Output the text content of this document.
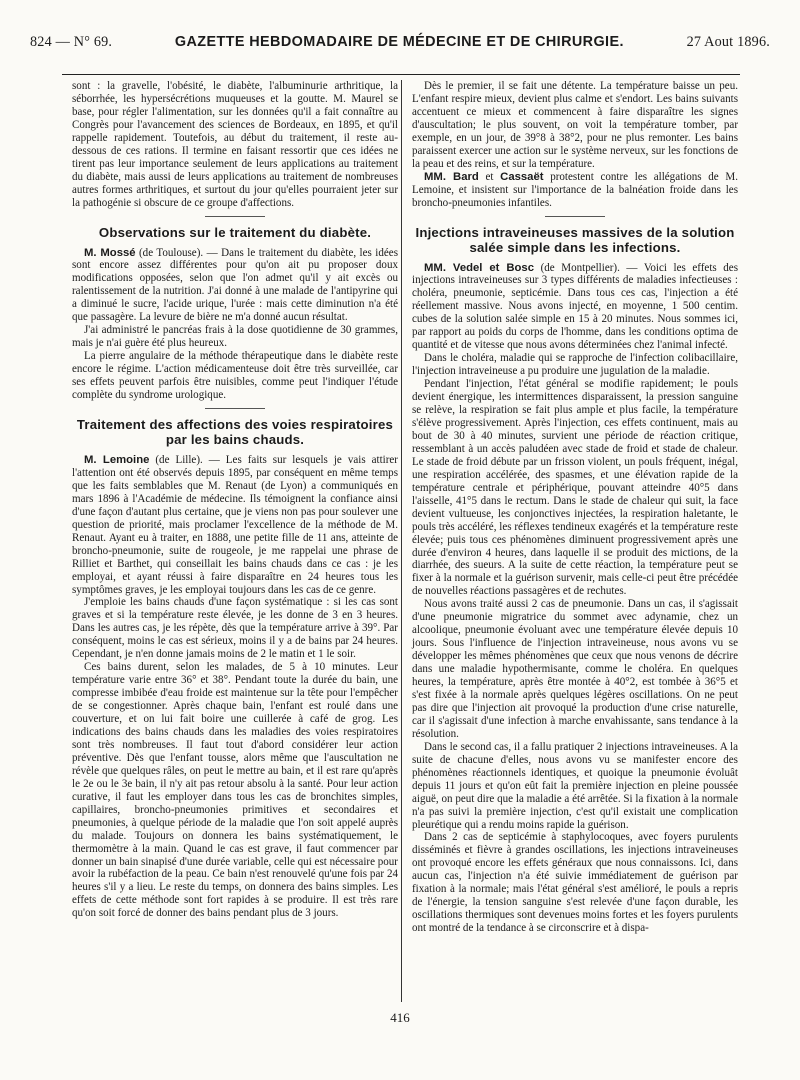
824 — N° 69.	GAZETTE HEBDOMADAIRE DE MÉDECINE ET DE CHIRURGIE.	27 Aout 1896.

sont : la gravelle, l'obésité, le diabète, l'albuminurie arthritique, la séborrhée, les hypersécrétions muqueuses et la goutte. M. Maurel se base, pour régler l'alimentation, sur les données qu'il a fait connaître au Congrès pour l'avancement des sciences de Bordeaux, en 1895, et qu'il rappelle rapidement. Toutefois, au début du traitement, il reste au-dessous de ces rations. Il termine en faisant ressortir que ces idées ne tirent pas leur importance seulement de leurs applications au traitement du diabète, mais aussi de leurs applications au traitement de nombreuses autres formes arthritiques, et surtout du jour qu'elles pourraient jeter sur la pathogénie si obscure de ce groupe d'affections.

Observations sur le traitement du diabète.

M. Mossé (de Toulouse). — Dans le traitement du diabète, les idées sont encore assez différentes pour qu'on ait pu proposer doux modifications opposées, selon que l'on admet qu'il y ait excès ou ralentissement de la nutrition. J'ai donné à une malade de l'antipyrine qui a diminué le sucre, l'acide urique, l'urée : mais cette diminution n'a été que passagère. La levure de bière ne m'a donné aucun résultat.

J'ai administré le pancréas frais à la dose quotidienne de 30 grammes, mais je n'ai guère été plus heureux.

La pierre angulaire de la méthode thérapeutique dans le diabète reste encore le régime. L'action médicamenteuse doit être très surveillée, car ses effets peuvent parfois être nuisibles, comme peut l'indiquer l'étude complète du syndrome urologique.

Traitement des affections des voies respiratoires par les bains chauds.

M. Lemoine (de Lille). — Les faits sur lesquels je vais attirer l'attention ont été observés depuis 1895, par conséquent en même temps que les faits semblables que M. Renaut (de Lyon) a communiqués en mars 1896 à l'Académie de médecine. Ils témoignent la confiance ainsi d'une façon d'autant plus certaine, que je viens non pas pour soulever une question de priorité, mais proclamer l'excellence de la méthode de M. Renaut. Ayant eu à traiter, en 1888, une petite fille de 11 ans, atteinte de broncho-pneumonie, suite de rougeole, je me rappelai une phrase de Rilliet et Barthet, qui conseillait les bains chauds dans ce cas : je les employai, et ayant réussi à faire disparaître en 24 heures tous les symptômes graves, je les employai toujours dans les cas de ce genre.

J'emploie les bains chauds d'une façon systématique : si les cas sont graves et si la température reste élevée, je les donne de 3 en 3 heures. Dans les autres cas, je les répète, dès que la température arrive à 39°. Par conséquent, moins le cas est sérieux, moins il y a de bains par 24 heures. Cependant, je n'en donne jamais moins de 2 le matin et 1 le soir.

Ces bains durent, selon les malades, de 5 à 10 minutes. Leur température varie entre 36° et 38°. Pendant toute la durée du bain, une compresse imbibée d'eau froide est maintenue sur la tête pour l'empêcher de se congestionner. Après chaque bain, l'enfant est roulé dans une couverture, et on lui fait boire une cuillerée à café de grog. Les indications des bains chauds dans les maladies des voies respiratoires sont très nombreuses. Il faut tout d'abord considérer leur action préventive. Dès que l'enfant tousse, alors même que l'auscultation ne révèle que quelques râles, on peut le mettre au bain, et il est rare qu'après le 2e ou le 3e bain, il n'y ait pas retour absolu à la santé. Pour leur action curative, il faut les employer dans tous les cas de bronchites simples, capillaires, broncho-pneumonies primitives et secondaires et pneumonies, à quelque période de la maladie que l'on soit appelé auprès du malade. Toujours on donnera les bains systématiquement, le thermomètre à la main. Quand le cas est grave, il faut commencer par donner un bain sinapisé d'une durée variable, celle qui est nécessaire pour avoir la rubéfaction de la peau. Ce bain n'est renouvelé qu'une fois par 24 heures s'il y a lieu. Le reste du temps, on donnera des bains simples. Les effets de cette méthode sont fort rapides à se produire. Il est très rare qu'on soit forcé de donner des bains pendant plus de 3 jours.

Dès le premier, il se fait une détente. La température baisse un peu. L'enfant respire mieux, devient plus calme et s'endort. Les bains suivants accentuent ce mieux et commencent à faire disparaître les signes d'auscultation; le plus souvent, on voit la température tomber, par exemple, en un jour, de 39°8 à 38°2, pour ne plus remonter. Les bains paraissent exercer une action sur le système nerveux, sur les fonctions de la peau et des reins, et sur la température.

MM. Bard et Cassaët protestent contre les allégations de M. Lemoine, et insistent sur l'importance de la balnéation froide dans les broncho-pneumonies infantiles.

Injections intraveineuses massives de la solution salée simple dans les infections.

MM. Vedel et Bosc (de Montpellier). — Voici les effets des injections intraveineuses sur 3 types différents de maladies infectieuses : choléra, pneumonie, septicémie. Dans tous ces cas, l'injection a été réellement massive. Nous avons injecté, en moyenne, 1 500 centim. cubes de la solution salée simple en 15 à 20 minutes. Nous sommes ici, par rapport au poids du corps de l'homme, dans les conditions optima de quantité et de vitesse que nous avons déterminées chez l'animal infecté.

Dans le choléra, maladie qui se rapproche de l'infection colibacillaire, l'injection intraveineuse a pu produire une jugulation de la maladie.

Pendant l'injection, l'état général se modifie rapidement; le pouls devient énergique, les intermittences disparaissent, la pression sanguine se relève, la respiration se fait plus ample et plus facile, la température s'élève progressivement. Après l'injection, ces effets continuent, mais au bout de 30 à 40 minutes, survient une période de réaction critique, ressemblant à un accès paludéen avec stade de froid et stade de chaleur. Le stade de froid débute par un frisson violent, un pouls fréquent, inégal, une respiration accélérée, des spasmes, et une élévation rapide de la température centrale et périphérique, pouvant atteindre 40°5 dans l'aisselle, 41°5 dans le rectum. Dans le stade de chaleur qui suit, la face devient vultueuse, les conjonctives injectées, la respiration haletante, le pouls très accéléré, les réflexes tendineux exagérés et la température reste élevée; puis tous ces phénomènes diminuent progressivement après une durée d'environ 4 heures, dans laquelle il se produit des mictions, de la diarrhée, des sueurs. A la suite de cette réaction, la température peut se fixer à la normale et la guérison survenir, mais celle-ci peut être précédée de nouvelles réactions passagères et de rechutes.

Nous avons traité aussi 2 cas de pneumonie. Dans un cas, il s'agissait d'une pneumonie migratrice du sommet avec adynamie, chez un alcoolique, pneumonie évoluant avec une température élevée depuis 10 jours. Sous l'influence de l'injection intraveineuse, nous avons vu se développer les mêmes phénomènes que ceux que nous venons de décrire dans une maladie hypothermisante, comme le choléra. En quelques heures, la température, après être montée à 40°2, est tombée à 36°5 et s'est fixée à la normale après quelques légères oscillations. On ne peut pas dire que l'injection ait provoqué la production d'une crise naturelle, car il s'agissait d'une infection à marche envahissante, sans tendance à la résolution.

Dans le second cas, il a fallu pratiquer 2 injections intraveineuses. A la suite de chacune d'elles, nous avons vu se manifester encore des phénomènes réactionnels identiques, et quoique la pneumonie évoluât depuis 11 jours et qu'on eût fait la première injection en pleine poussée aiguë, on peut dire que la maladie a été arrêtée. Si la fixation à la normale n'a pas suivi la première injection, c'est qu'il existait une complication pleurétique qui a rendu moins rapide la guérison.

Dans 2 cas de septicémie à staphylocoques, avec foyers purulents disséminés et fièvre à grandes oscillations, les injections intraveineuses ont provoqué encore les effets généraux que nous connaissons. Ici, dans aucun cas, l'injection n'a été suivie immédiatement de guérison par fixation à la normale; mais l'état général s'est amélioré, le pouls a repris de l'énergie, la tension sanguine s'est relevée d'une façon durable, les oscillations thermiques sont devenues moins fortes et les foyers purulents ont montré de la tendance à se circonscrire et à dispa-

416
